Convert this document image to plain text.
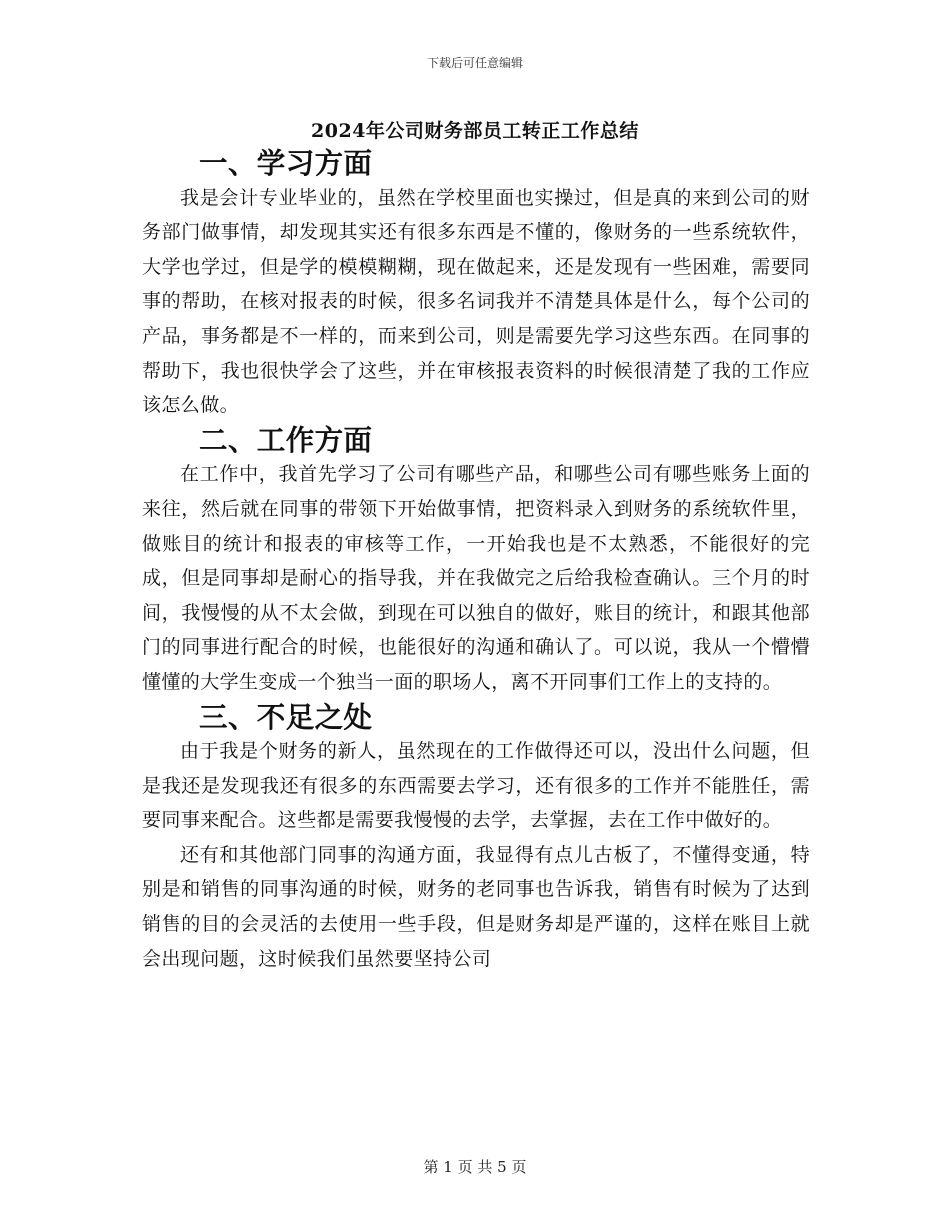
下载后可任意编辑
2024年公司财务部员工转正工作总结
一、学习方面

我是会计专业毕业的，虽然在学校里面也实操过，但是真的来到公司的财务部门做事情，却发现其实还有很多东西是不懂的，像财务的一些系统软件，大学也学过，但是学的模模糊糊，现在做起来，还是发现有一些困难，需要同事的帮助，在核对报表的时候，很多名词我并不清楚具体是什么，每个公司的产品，事务都是不一样的，而来到公司，则是需要先学习这些东西。在同事的帮助下，我也很快学会了这些，并在审核报表资料的时候很清楚了我的工作应该怎么做。

二、工作方面

在工作中，我首先学习了公司有哪些产品，和哪些公司有哪些账务上面的来往，然后就在同事的带领下开始做事情，把资料录入到财务的系统软件里，做账目的统计和报表的审核等工作，一开始我也是不太熟悉，不能很好的完成，但是同事却是耐心的指导我，并在我做完之后给我检查确认。三个月的时间，我慢慢的从不太会做，到现在可以独自的做好，账目的统计，和跟其他部门的同事进行配合的时候，也能很好的沟通和确认了。可以说，我从一个懵懵懂懂的大学生变成一个独当一面的职场人，离不开同事们工作上的支持的。

三、不足之处

由于我是个财务的新人，虽然现在的工作做得还可以，没出什么问题，但是我还是发现我还有很多的东西需要去学习，还有很多的工作并不能胜任，需要同事来配合。这些都是需要我慢慢的去学，去掌握，去在工作中做好的。

还有和其他部门同事的沟通方面，我显得有点儿古板了，不懂得变通，特别是和销售的同事沟通的时候，财务的老同事也告诉我，销售有时候为了达到销售的目的会灵活的去使用一些手段，但是财务却是严谨的，这样在账目上就会出现问题，这时候我们虽然要坚持公司

第 1 页 共 5 页
